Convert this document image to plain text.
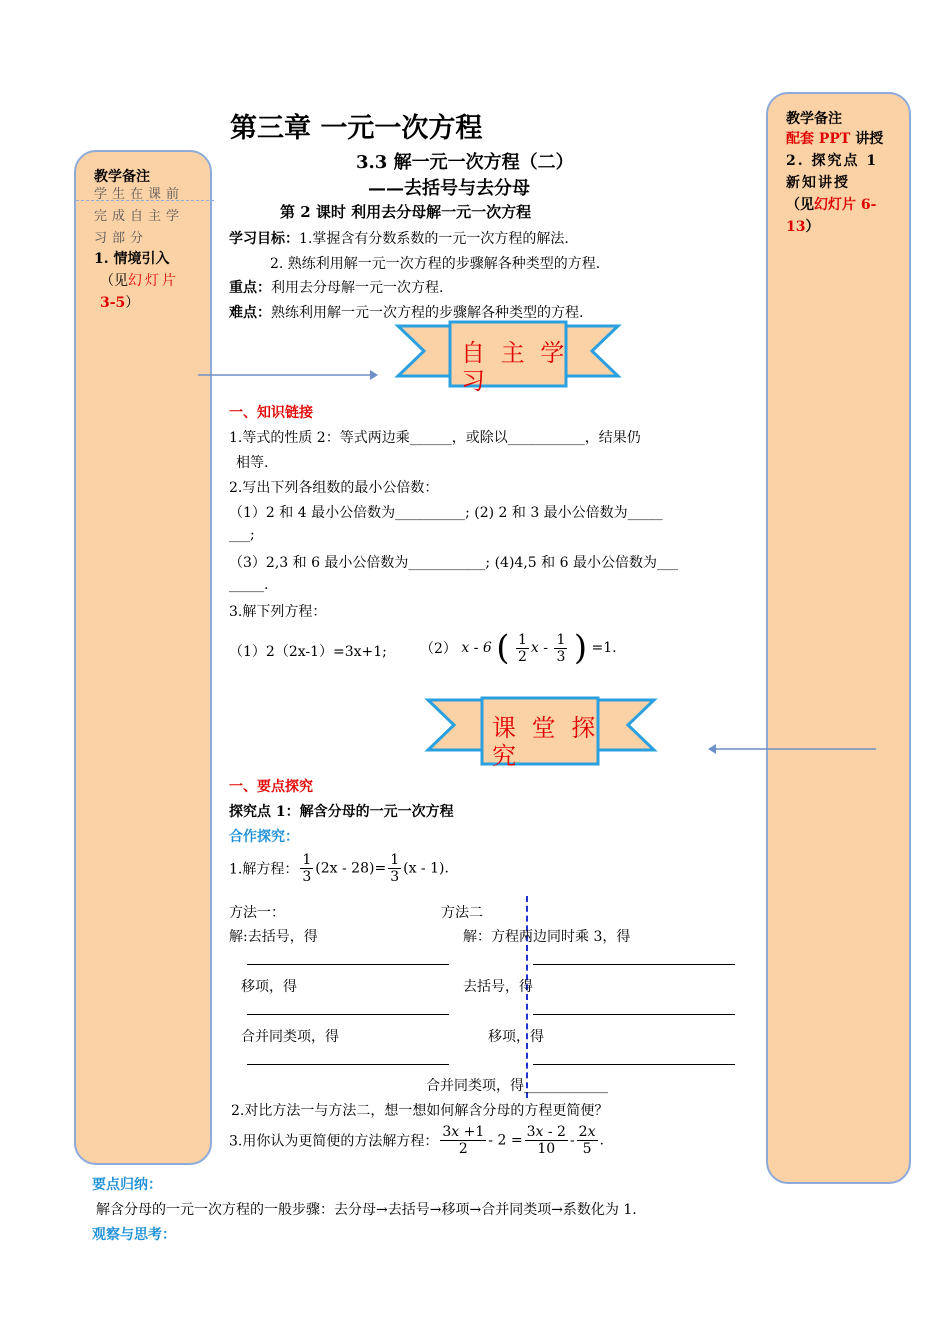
教学备注
学生在课前完成自主学习部分
1. 情境引入
（见幻灯片
3-5）
教学备注
配套 PPT 讲授
2. 探究点 1 新知讲授
（见幻灯片 6-13）
第三章 一元一次方程
3.3 解一元一次方程（二）
——去括号与去分母
第 2 课时 利用去分母解一元一次方程
学习目标：1.掌握含有分数系数的一元一次方程的解法.
2. 熟练利用解一元一次方程的步骤解各种类型的方程.
重点：利用去分母解一元一次方程.
难点：熟练利用解一元一次方程的步骤解各种类型的方程.
自 主 学 习
一、知识链接
1.等式的性质 2：等式两边乘______，或除以___________，结果仍
相等.
2.写出下列各组数的最小公倍数：
（1）2 和 4 最小公倍数为__________; (2) 2 和 3 最小公倍数为_____
___;
（3）2,3 和 6 最小公倍数为___________; (4)4,5 和 6 最小公倍数为___
_____.
3.解下列方程：
（1）2（2x-1）=3x+1; （2） x - 6 ( $\frac{1}{2}$ x - $\frac{1}{3}$ ) =1.
课 堂 探 究
一、要点探究
探究点 1：解含分母的一元一次方程
合作探究：
1.解方程： $\frac{1}{3} (2x - 28)= \frac{1}{3} (x - 1)$.
方法一：	方法二
解:去括号，得	解：方程两边同时乘 3，得
移项，得	去括号，得
合并同类项，得	移项，得
合并同类项，得____________
2.对比方法一与方法二，想一想如何解含分母的方程更简便？
3.用你认为更简便的方法解方程： $\frac{3x +1}{2} - 2 = \frac{3x - 2}{10} - \frac{2x}{5}$ .
要点归纳：
解含分母的一元一次方程的一般步骤：去分母→去括号→移项→合并同类项→系数化为 1.
观察与思考：
